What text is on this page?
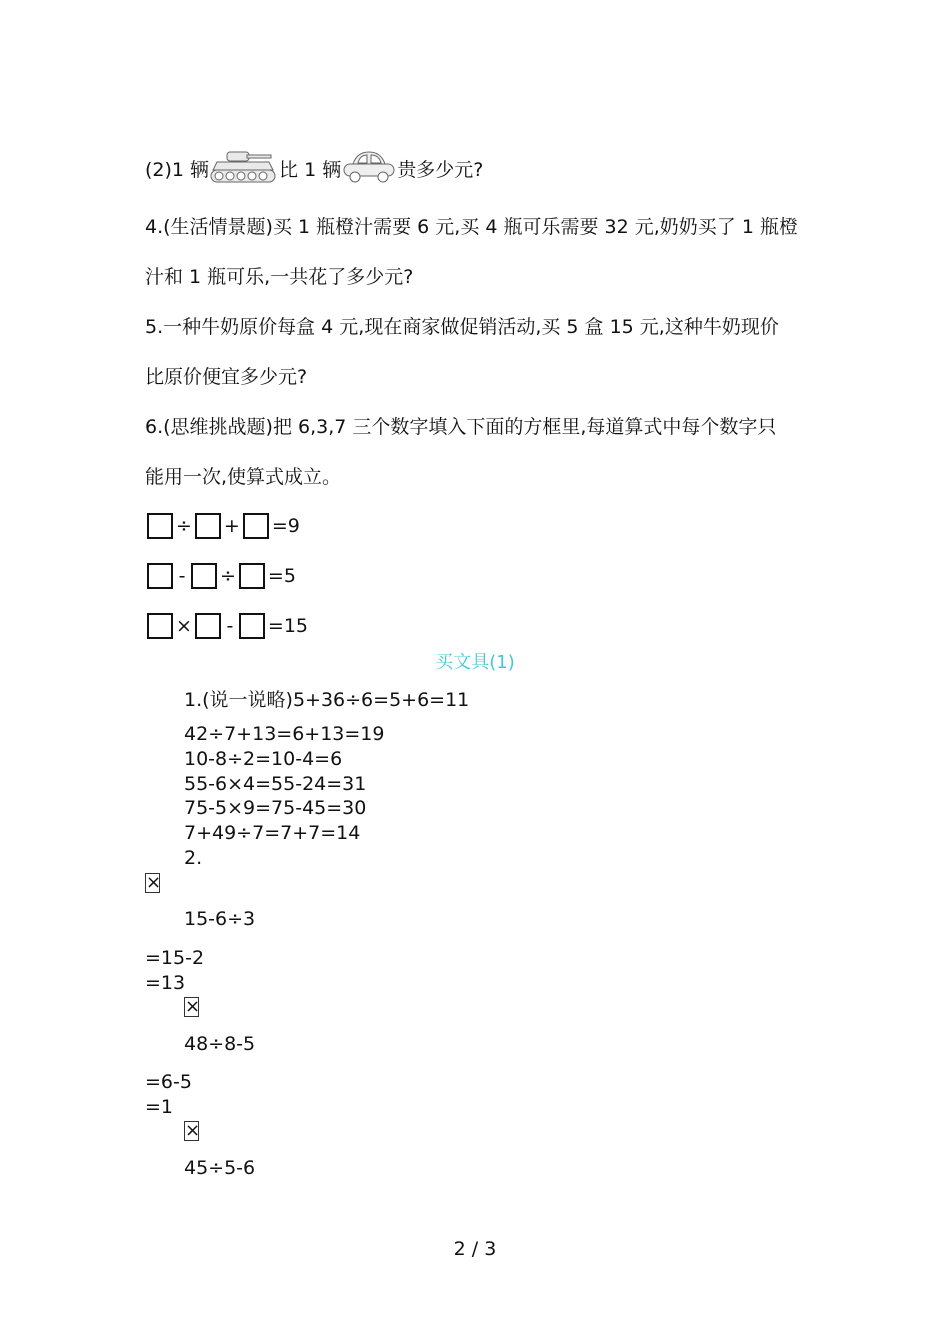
(2)1 辆	比 1 辆	贵多少元?
4.(生活情景题)买 1 瓶橙汁需要 6 元,买 4 瓶可乐需要 32 元,奶奶买了 1 瓶橙
汁和 1 瓶可乐,一共花了多少元?
5.一种牛奶原价每盒 4 元,现在商家做促销活动,买 5 盒 15 元,这种牛奶现价
比原价便宜多少元?
6.(思维挑战题)把 6,3,7 三个数字填入下面的方框里,每道算式中每个数字只
能用一次,使算式成立。
÷ + =9
- ÷ =5
× - =15
买文具(1)
1.(说一说略)5+36÷6=5+6=11
42÷7+13=6+13=19
10-8÷2=10-4=6
55-6×4=55-24=31
75-5×9=75-45=30
7+49÷7=7+7=14
2.
×
15-6÷3
=15-2
=13
×
48÷8-5
=6-5
=1
×
45÷5-6
2 / 3
